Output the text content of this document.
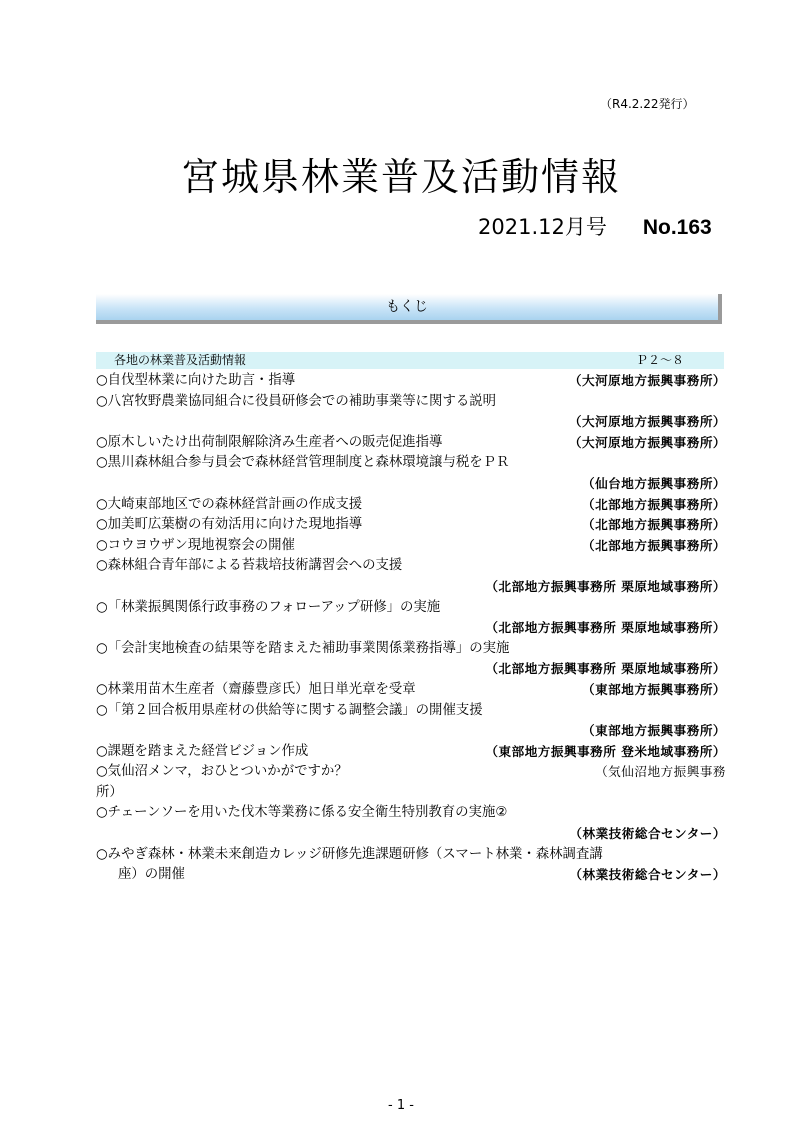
（R4.2.22発行）
宮城県林業普及活動情報
2021.12月号 No.163
もくじ
各地の林業普及活動情報	Ｐ２～８
○自伐型林業に向けた助言・指導	（大河原地方振興事務所）
○八宮牧野農業協同組合に役員研修会での補助事業等に関する説明
（大河原地方振興事務所）
○原木しいたけ出荷制限解除済み生産者への販売促進指導	（大河原地方振興事務所）
○黒川森林組合参与員会で森林経営管理制度と森林環境譲与税をＰＲ
（仙台地方振興事務所）
○大崎東部地区での森林経営計画の作成支援	（北部地方振興事務所）
○加美町広葉樹の有効活用に向けた現地指導	（北部地方振興事務所）
○コウヨウザン現地視察会の開催	（北部地方振興事務所）
○森林組合青年部による苔栽培技術講習会への支援
（北部地方振興事務所 栗原地域事務所）
○「林業振興関係行政事務のフォローアップ研修」の実施
（北部地方振興事務所 栗原地域事務所）
○「会計実地検査の結果等を踏まえた補助事業関係業務指導」の実施
（北部地方振興事務所 栗原地域事務所）
○林業用苗木生産者（齋藤豊彦氏）旭日単光章を受章	（東部地方振興事務所）
○「第２回合板用県産材の供給等に関する調整会議」の開催支援
（東部地方振興事務所）
○課題を踏まえた経営ビジョン作成	（東部地方振興事務所 登米地域事務所）
○気仙沼メンマ，おひとついかがですか？	（気仙沼地方振興事務
所）
○チェーンソーを用いた伐木等業務に係る安全衛生特別教育の実施②
（林業技術総合センター）
○みやぎ森林・林業未来創造カレッジ研修先進課題研修（スマート林業・森林調査講
座）の開催	（林業技術総合センター）
- 1 -
